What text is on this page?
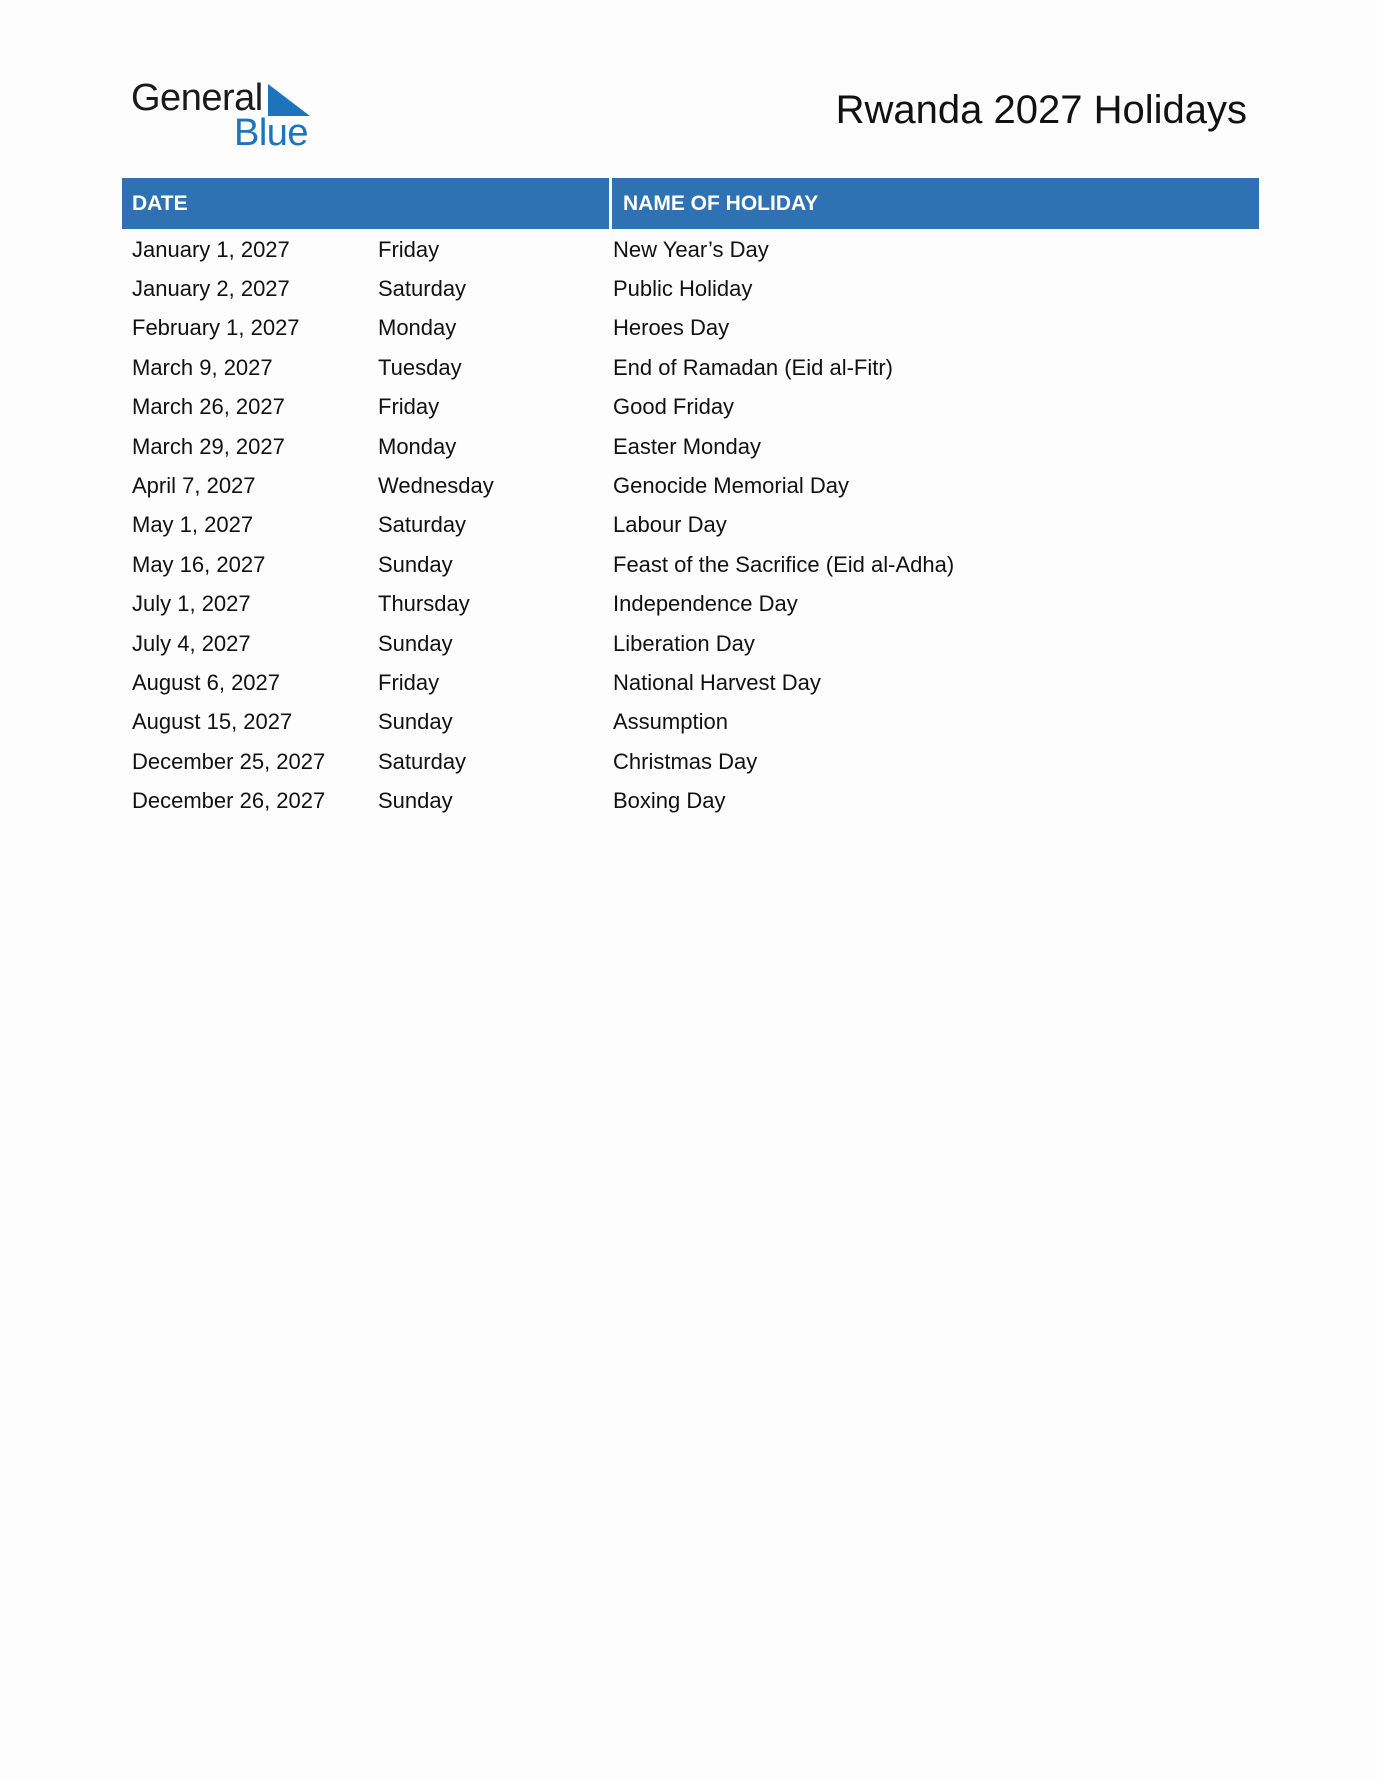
General
Blue
Rwanda 2027 Holidays
DATE	NAME OF HOLIDAY
January 1, 2027	Friday	New Year’s Day
January 2, 2027	Saturday	Public Holiday
February 1, 2027	Monday	Heroes Day
March 9, 2027	Tuesday	End of Ramadan (Eid al-Fitr)
March 26, 2027	Friday	Good Friday
March 29, 2027	Monday	Easter Monday
April 7, 2027	Wednesday	Genocide Memorial Day
May 1, 2027	Saturday	Labour Day
May 16, 2027	Sunday	Feast of the Sacrifice (Eid al-Adha)
July 1, 2027	Thursday	Independence Day
July 4, 2027	Sunday	Liberation Day
August 6, 2027	Friday	National Harvest Day
August 15, 2027	Sunday	Assumption
December 25, 2027	Saturday	Christmas Day
December 26, 2027	Sunday	Boxing Day
